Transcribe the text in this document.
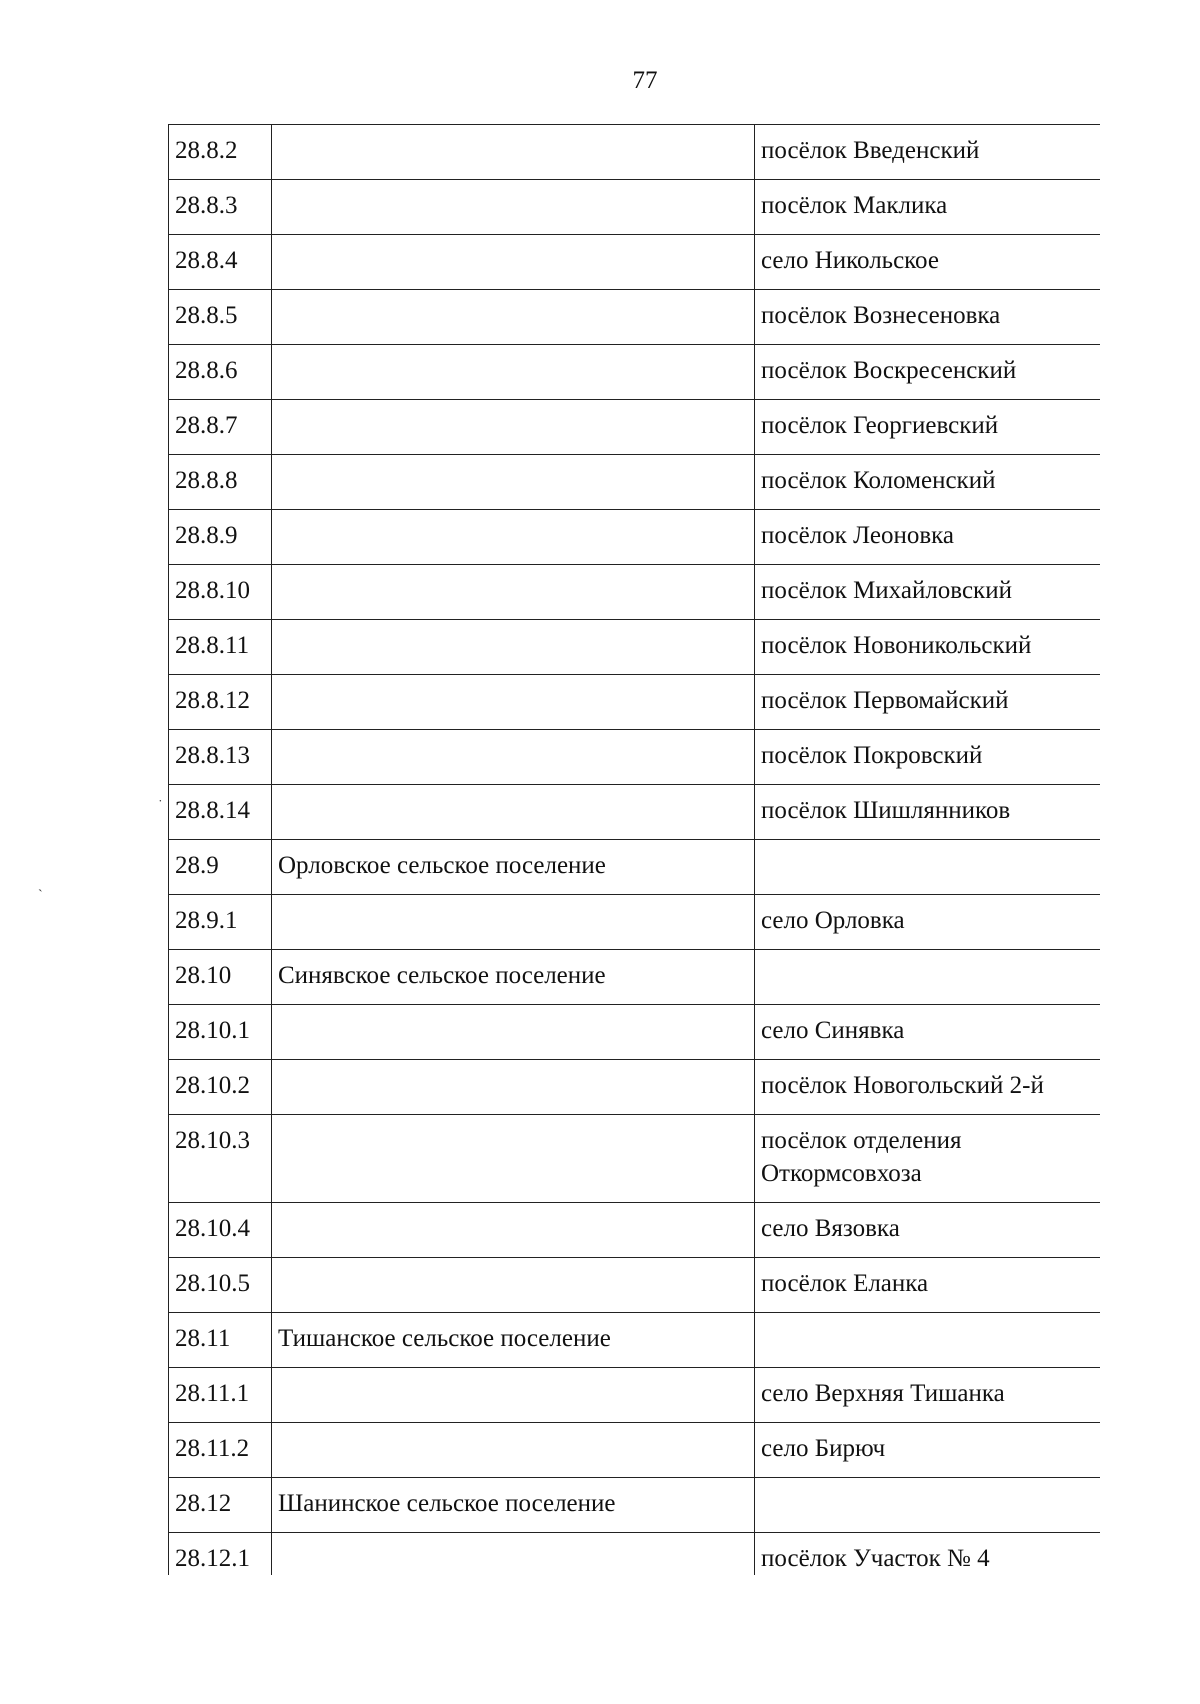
77
28.8.2		посёлок Введенский
28.8.3		посёлок Маклика
28.8.4		село Никольское
28.8.5		посёлок Вознесеновка
28.8.6		посёлок Воскресенский
28.8.7		посёлок Георгиевский
28.8.8		посёлок Коломенский
28.8.9		посёлок Леоновка
28.8.10		посёлок Михайловский
28.8.11		посёлок Новоникольский
28.8.12		посёлок Первомайский
28.8.13		посёлок Покровский
28.8.14		посёлок Шишлянников
28.9	Орловское сельское поселение	
28.9.1		село Орловка
28.10	Синявское сельское поселение	
28.10.1		село Синявка
28.10.2		посёлок Новогольский 2-й
28.10.3		посёлок отделения Откормсовхоза
28.10.4		село Вязовка
28.10.5		посёлок Еланка
28.11	Тишанское сельское поселение	
28.11.1		село Верхняя Тишанка
28.11.2		село Бирюч
28.12	Шанинское сельское поселение	
28.12.1		посёлок Участок № 4
˙
`
